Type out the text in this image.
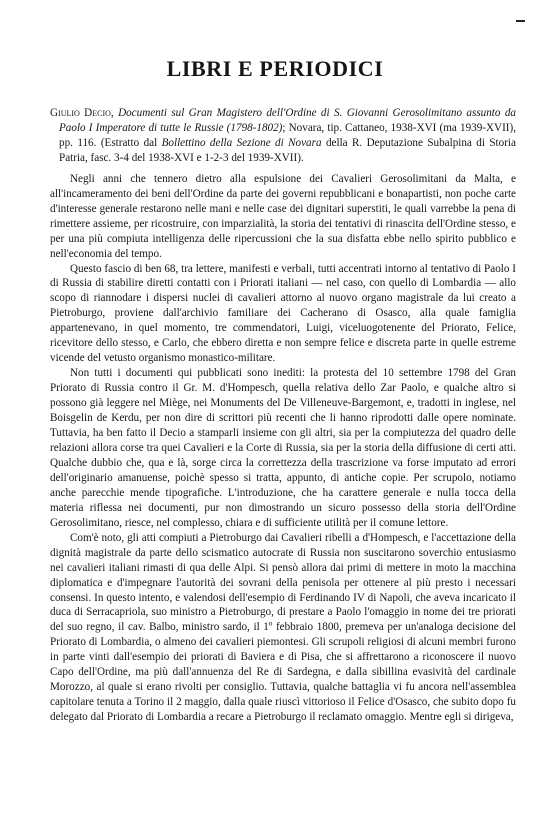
LIBRI E PERIODICI

Giulio Decio, Documenti sul Gran Magistero dell'Ordine di S. Giovanni Gerosolimitano assunto da Paolo I Imperatore di tutte le Russie (1798-1802); Novara, tip. Cattaneo, 1938-XVI (ma 1939-XVII), pp. 116. (Estratto dal Bollettino della Sezione di Novara della R. Deputazione Subalpina di Storia Patria, fasc. 3-4 del 1938-XVI e 1-2-3 del 1939-XVII).

Negli anni che tennero dietro alla espulsione dei Cavalieri Gerosolimitani da Malta, e all'incameramento dei beni dell'Ordine da parte dei governi repubblicani e bonapartisti, non poche carte d'interesse generale restarono nelle mani e nelle case dei dignitari superstiti, le quali varrebbe la pena di rimettere assieme, per ricostruire, con imparzialità, la storia dei tentativi di rinascita dell'Ordine stesso, e per una più compiuta intelligenza delle ripercussioni che la sua disfatta ebbe nello spirito pubblico e nell'economia del tempo.

Questo fascio di ben 68, tra lettere, manifesti e verbali, tutti accentrati intorno al tentativo di Paolo I di Russia di stabilire diretti contatti con i Priorati italiani — nel caso, con quello di Lombardia — allo scopo di riannodare i dispersi nuclei di cavalieri attorno al nuovo organo magistrale da lui creato a Pietroburgo, proviene dall'archivio familiare dei Cacherano di Osasco, alla quale famiglia appartenevano, in quel momento, tre commendatori, Luigi, viceluogotenente del Priorato, Felice, ricevitore dello stesso, e Carlo, che ebbero diretta e non sempre felice e discreta parte in quelle estreme vicende del vetusto organismo monastico-militare.

Non tutti i documenti qui pubblicati sono inediti: la protesta del 10 settembre 1798 del Gran Priorato di Russia contro il Gr. M. d'Hompesch, quella relativa dello Zar Paolo, e qualche altro si possono già leggere nel Miège, nei Monuments del De Villeneuve-Bargemont, e, tradotti in inglese, nel Boisgelin de Kerdu, per non dire di scrittori più recenti che li hanno riprodotti dalle opere nominate. Tuttavia, ha ben fatto il Decio a stamparli insieme con gli altri, sia per la compiutezza del quadro delle relazioni allora corse tra quei Cavalieri e la Corte di Russia, sia per la storia della diffusione di certi atti. Qualche dubbio che, qua e là, sorge circa la correttezza della trascrizione va forse imputato ad errori dell'originario amanuense, poichè spesso si tratta, appunto, di antiche copie. Per scrupolo, notiamo anche parecchie mende tipografiche. L'introduzione, che ha carattere generale e nulla tocca della materia riflessa nei documenti, pur non dimostrando un sicuro possesso della storia dell'Ordine Gerosolimitano, riesce, nel complesso, chiara e di sufficiente utilità per il comune lettore.

Com'è noto, gli atti compiuti a Pietroburgo dai Cavalieri ribelli a d'Hompesch, e l'accettazione della dignità magistrale da parte dello scismatico autocrate di Russia non suscitarono soverchio entusiasmo nei cavalieri italiani rimasti di qua delle Alpi. Si pensò allora dai primi di mettere in moto la macchina diplomatica e d'impegnare l'autorità dei sovrani della penisola per ottenere al più presto i necessari consensi. In questo intento, e valendosi dell'esempio di Ferdinando IV di Napoli, che aveva incaricato il duca di Serracapriola, suo ministro a Pietroburgo, di prestare a Paolo l'omaggio in nome dei tre priorati del suo regno, il cav. Balbo, ministro sardo, il 1º febbraio 1800, premeva per un'analoga decisione del Priorato di Lombardia, o almeno dei cavalieri piemontesi. Gli scrupoli religiosi di alcuni membri furono in parte vinti dall'esempio dei priorati di Baviera e di Pisa, che si affrettarono a riconoscere il nuovo Capo dell'Ordine, ma più dall'annuenza del Re di Sardegna, e dalla sibillina evasività del cardinale Morozzo, al quale si erano rivolti per consiglio. Tuttavia, qualche battaglia vi fu ancora nell'assemblea capitolare tenuta a Torino il 2 maggio, dalla quale riuscì vittorioso il Felice d'Osasco, che subito dopo fu delegato dal Priorato di Lombardia a recare a Pietroburgo il reclamato omaggio. Mentre egli si dirigeva,
